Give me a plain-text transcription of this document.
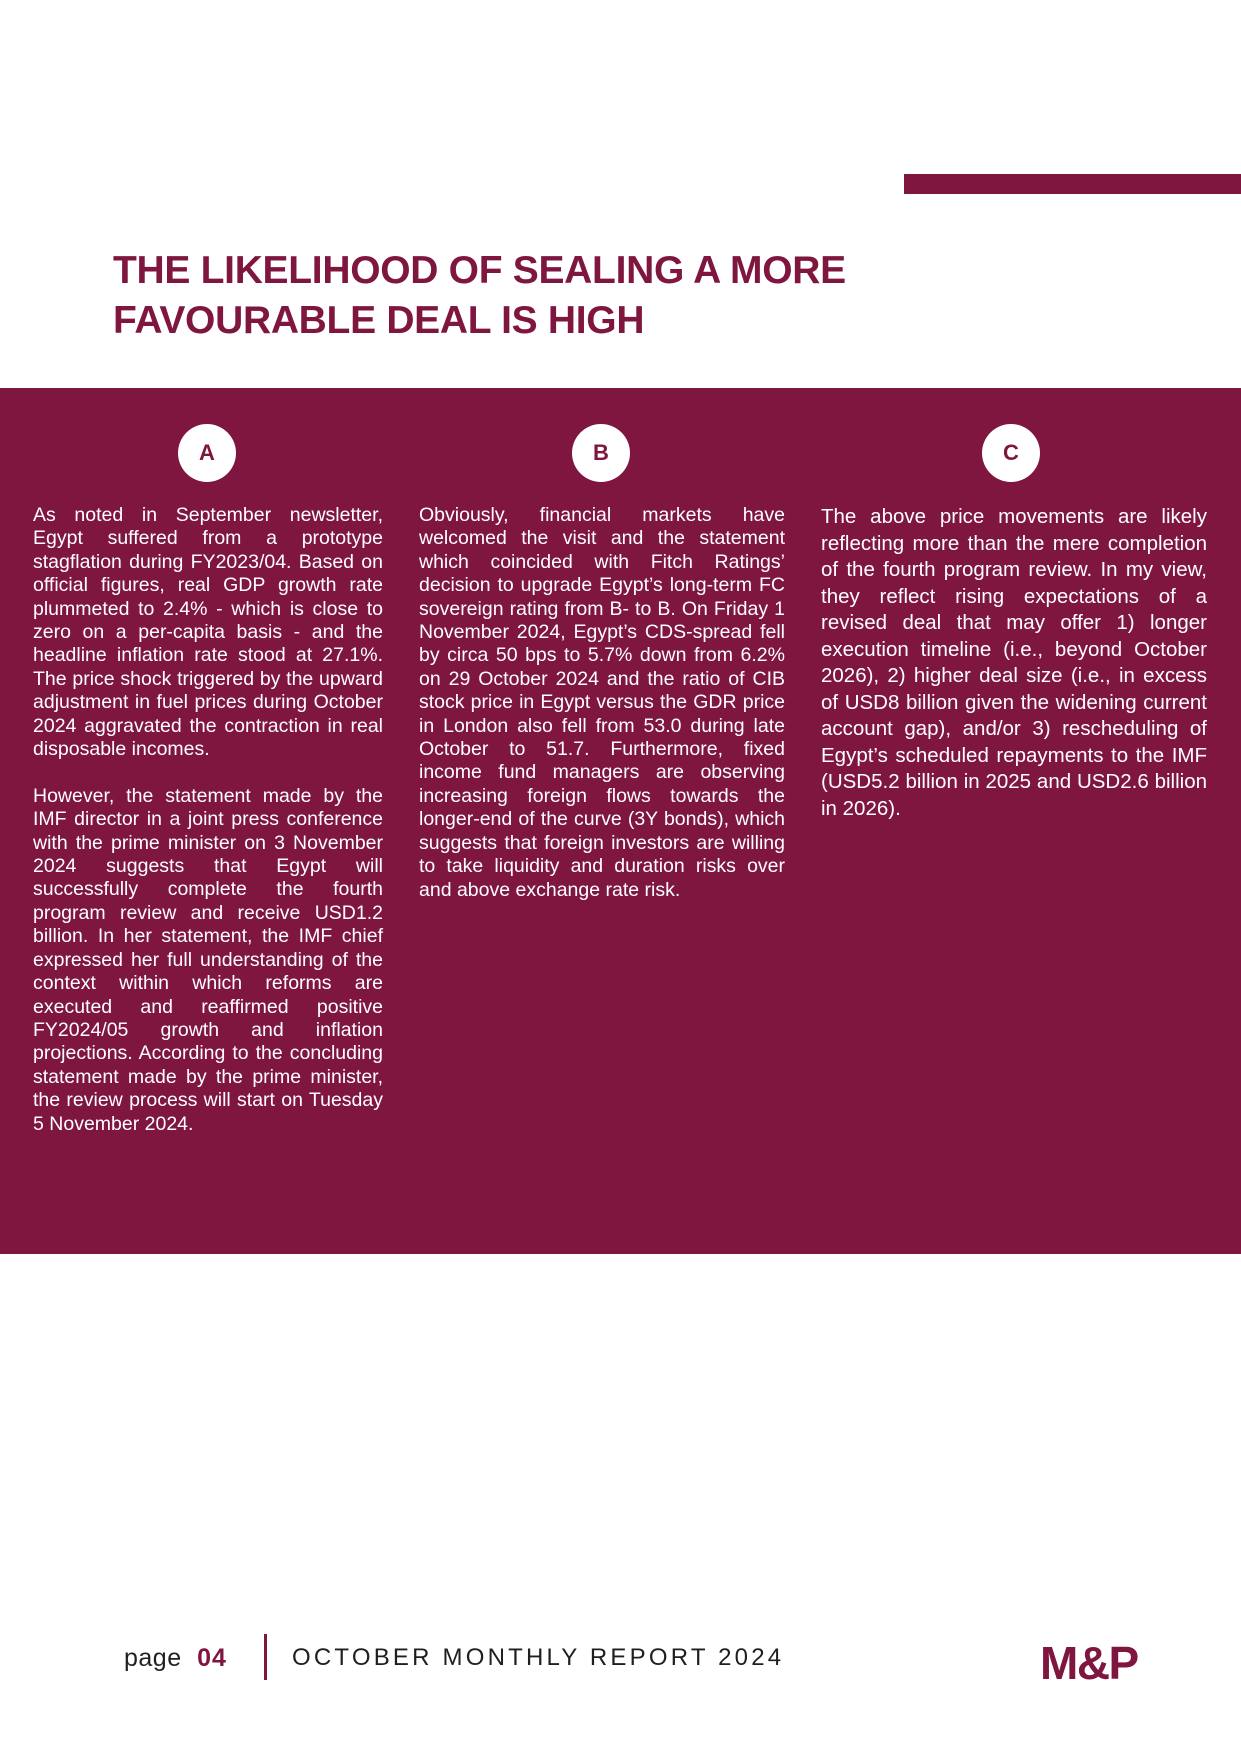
THE LIKELIHOOD OF SEALING A MORE
FAVOURABLE DEAL IS HIGH
A

As noted in September newsletter, Egypt suffered from a prototype stagflation during FY2023/04. Based on official figures, real GDP growth rate plummeted to 2.4% - which is close to zero on a per-capita basis - and the headline inflation rate stood at 27.1%. The price shock triggered by the upward adjustment in fuel prices during October 2024 aggravated the contraction in real disposable incomes.

However, the statement made by the IMF director in a joint press conference with the prime minister on 3 November 2024 suggests that Egypt will successfully complete the fourth program review and receive USD1.2 billion. In her statement, the IMF chief expressed her full understanding of the context within which reforms are executed and reaffirmed positive FY2024/05 growth and inflation projections. According to the concluding statement made by the prime minister, the review process will start on Tuesday 5 November 2024.

B

Obviously, financial markets have welcomed the visit and the statement which coincided with Fitch Ratings’ decision to upgrade Egypt’s long-term FC sovereign rating from B- to B. On Friday 1 November 2024, Egypt’s CDS-spread fell by circa 50 bps to 5.7% down from 6.2% on 29 October 2024 and the ratio of CIB stock price in Egypt versus the GDR price in London also fell from 53.0 during late October to 51.7. Furthermore, fixed income fund managers are observing increasing foreign flows towards the longer-end of the curve (3Y bonds), which suggests that foreign investors are willing to take liquidity and duration risks over and above exchange rate risk.

C

The above price movements are likely reflecting more than the mere completion of the fourth program review. In my view, they reflect rising expectations of a revised deal that may offer 1) longer execution timeline (i.e., beyond October 2026), 2) higher deal size (i.e., in excess of USD8 billion given the widening current account gap), and/or 3) rescheduling of Egypt’s scheduled repayments to the IMF (USD5.2 billion in 2025 and USD2.6 billion in 2026).

page 04	OCTOBER MONTHLY REPORT 2024	M&P
